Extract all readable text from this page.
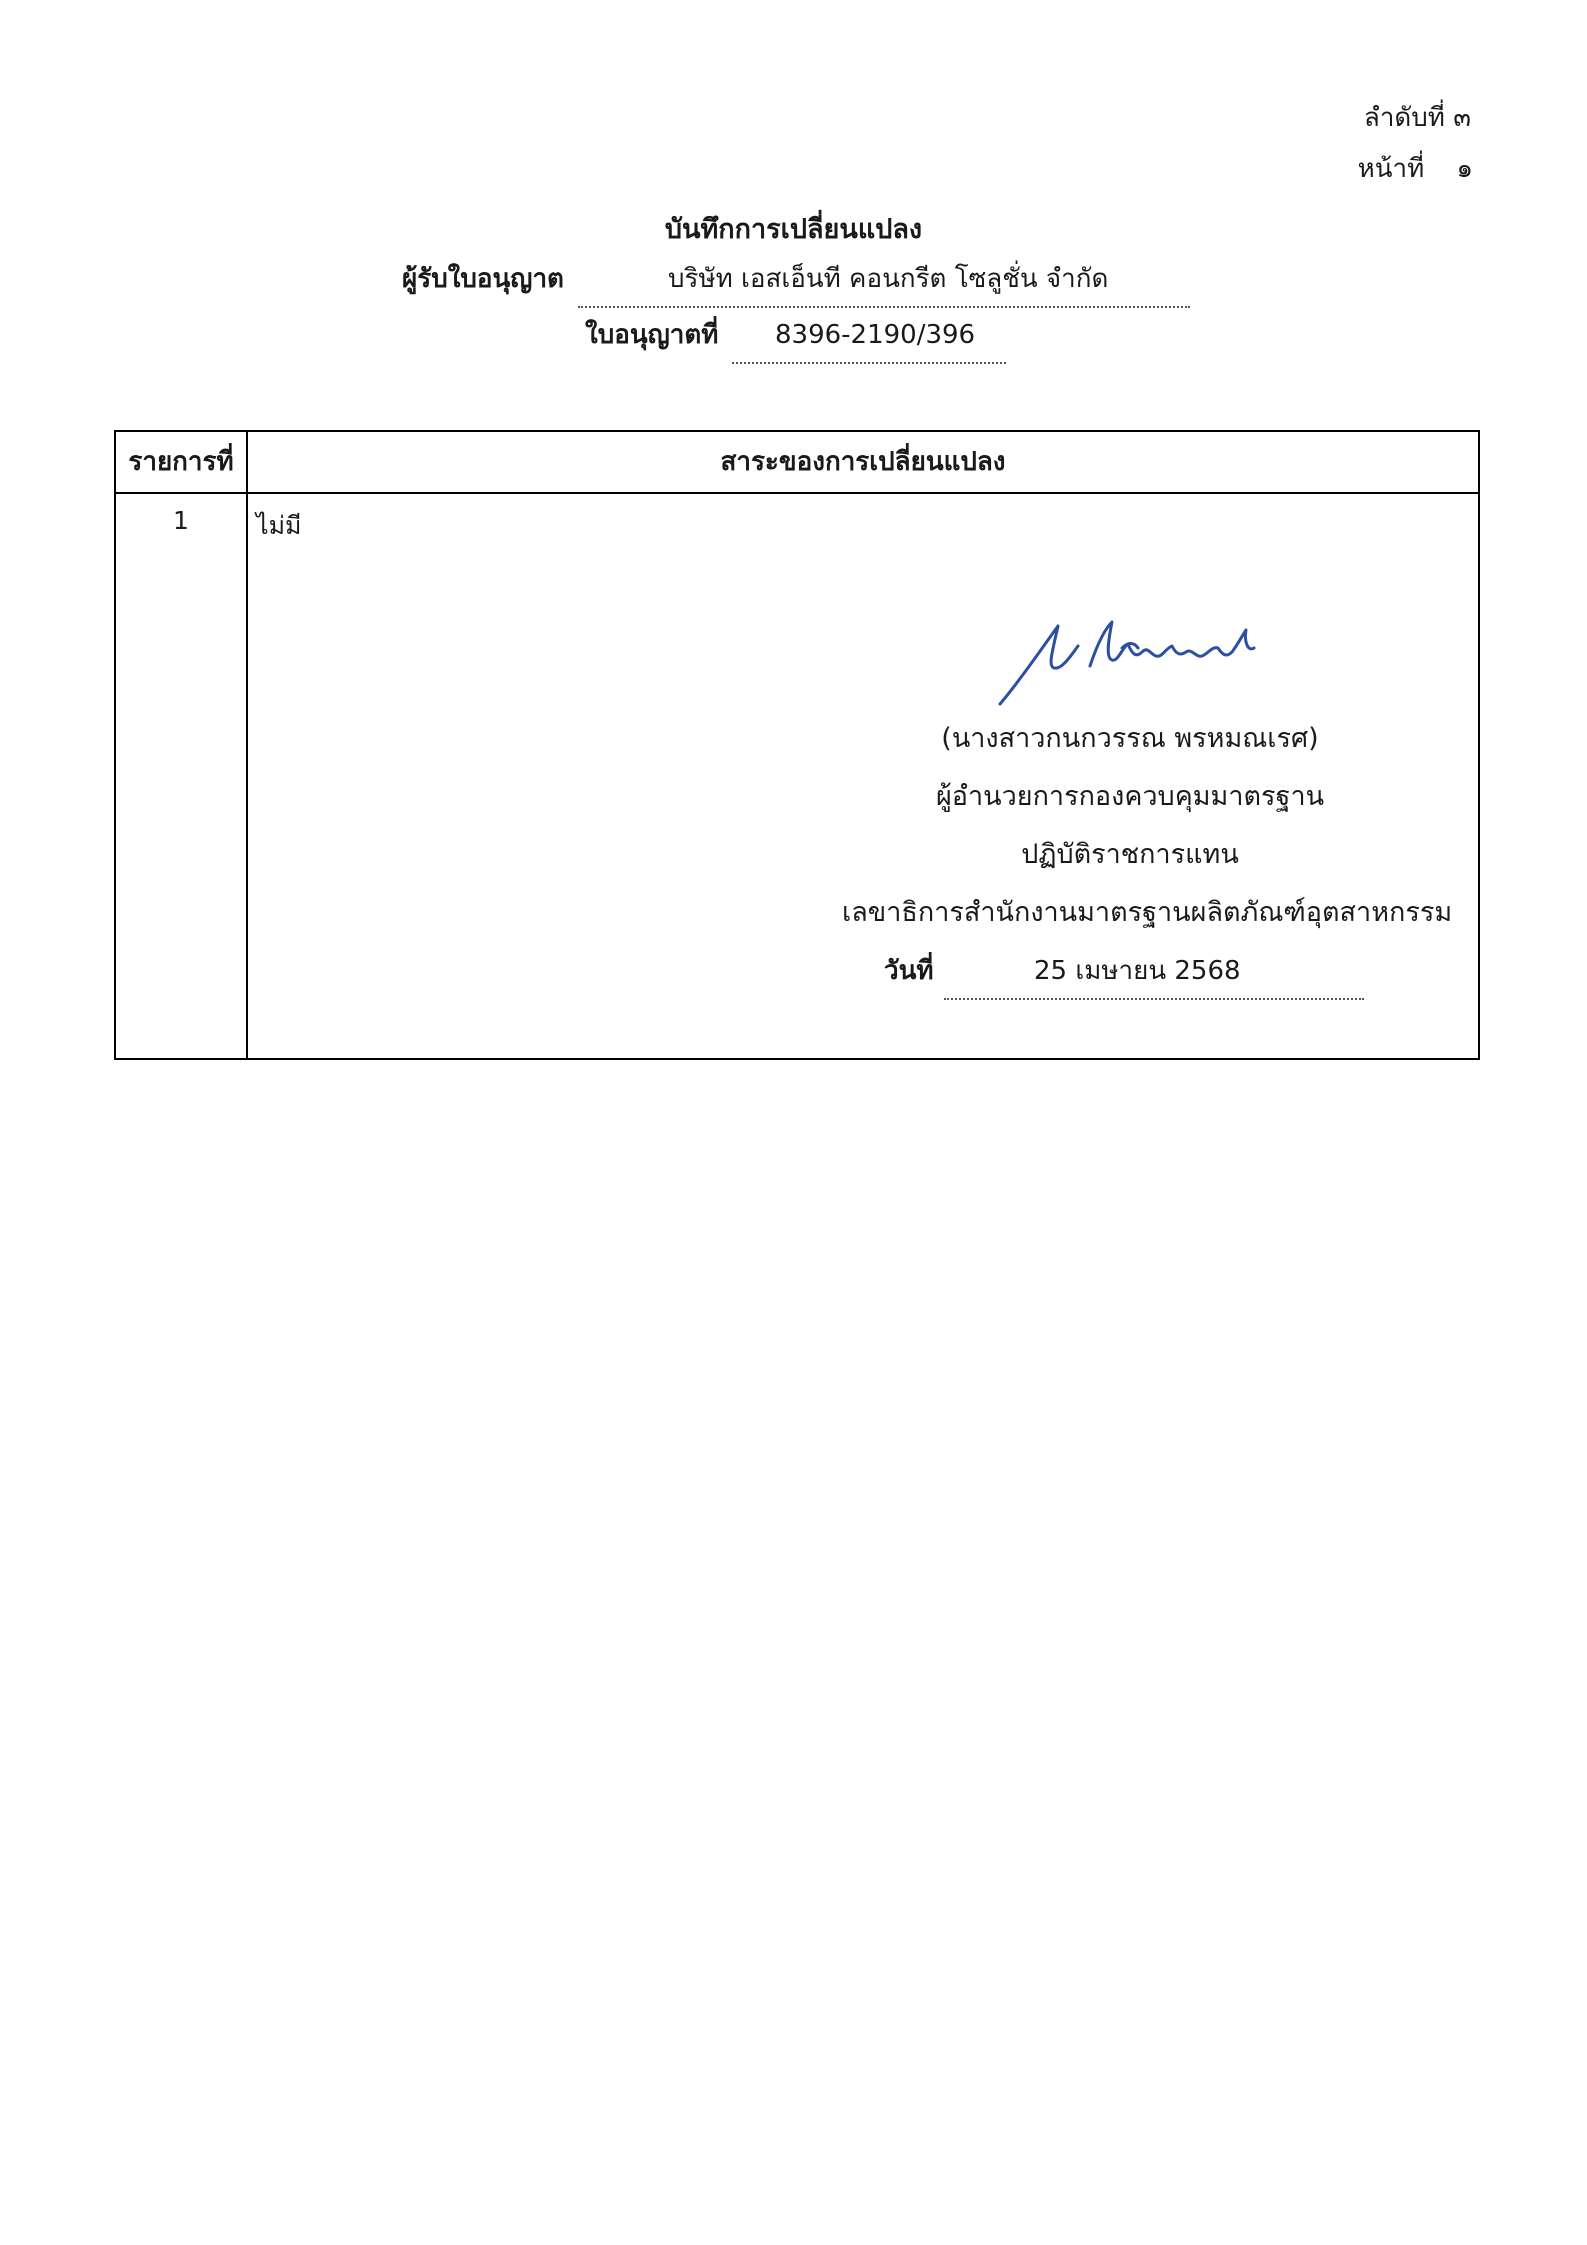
ลำดับที่ ๓
หน้าที่ ๑
บันทึกการเปลี่ยนแปลง
ผู้รับใบอนุญาต	บริษัท เอสเอ็นที คอนกรีต โซลูชั่น จำกัด
ใบอนุญาตที่ 8396-2190/396
รายการที่	สาระของการเปลี่ยนแปลง
1	ไม่มี
(นางสาวกนกวรรณ พรหมณเรศ)
ผู้อำนวยการกองควบคุมมาตรฐาน
ปฏิบัติราชการแทน
เลขาธิการสำนักงานมาตรฐานผลิตภัณฑ์อุตสาหกรรม
วันที่	25 เมษายน 2568
